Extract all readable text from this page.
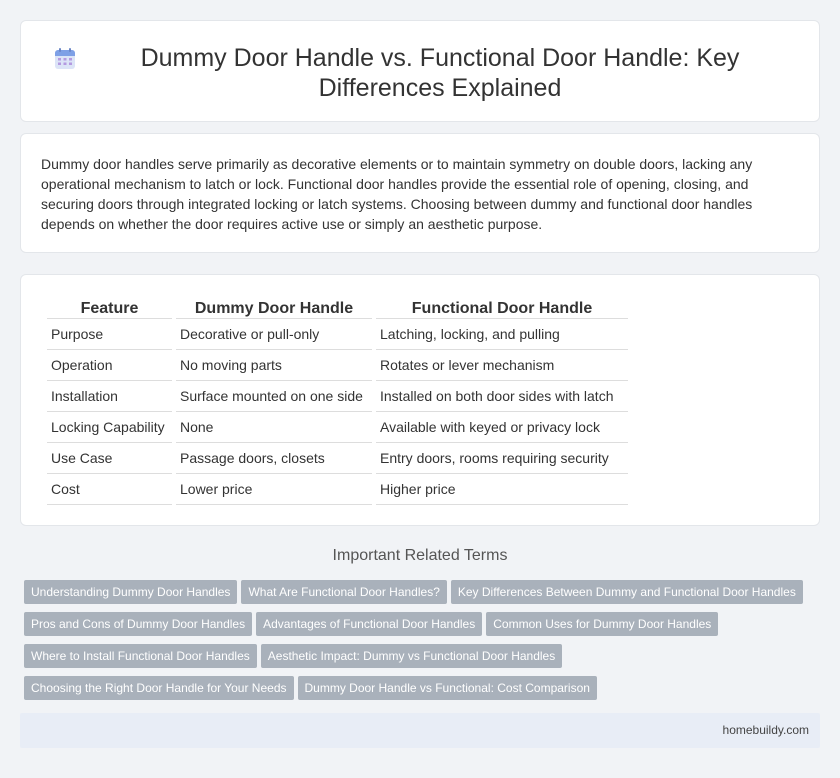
Dummy Door Handle vs. Functional Door Handle: Key Differences Explained

Dummy door handles serve primarily as decorative elements or to maintain symmetry on double doors, lacking any operational mechanism to latch or lock. Functional door handles provide the essential role of opening, closing, and securing doors through integrated locking or latch systems. Choosing between dummy and functional door handles depends on whether the door requires active use or simply an aesthetic purpose.

Feature	Dummy Door Handle	Functional Door Handle
Purpose	Decorative or pull-only	Latching, locking, and pulling
Operation	No moving parts	Rotates or lever mechanism
Installation	Surface mounted on one side	Installed on both door sides with latch
Locking Capability	None	Available with keyed or privacy lock
Use Case	Passage doors, closets	Entry doors, rooms requiring security
Cost	Lower price	Higher price
Important Related Terms
Understanding Dummy Door Handles	What Are Functional Door Handles?	Key Differences Between Dummy and Functional Door Handles
Pros and Cons of Dummy Door Handles	Advantages of Functional Door Handles	Common Uses for Dummy Door Handles
Where to Install Functional Door Handles	Aesthetic Impact: Dummy vs Functional Door Handles
Choosing the Right Door Handle for Your Needs	Dummy Door Handle vs Functional: Cost Comparison
homebuildy.com
